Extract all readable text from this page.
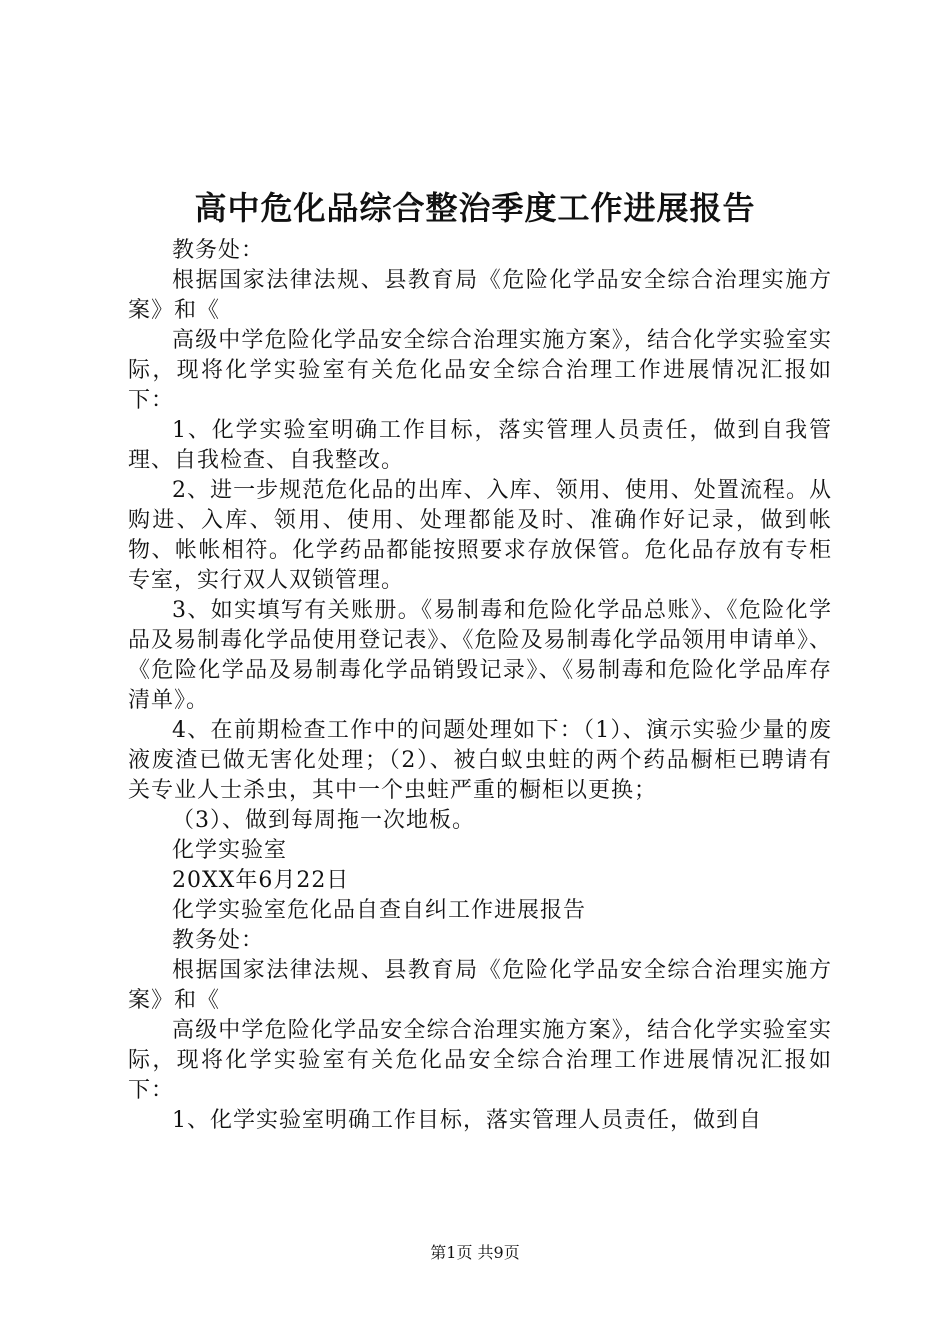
高中危化品综合整治季度工作进展报告

教务处：

根据国家法律法规、县教育局《危险化学品安全综合治理实施方案》和《

高级中学危险化学品安全综合治理实施方案》，结合化学实验室实际，现将化学实验室有关危化品安全综合治理工作进展情况汇报如下：

1、化学实验室明确工作目标，落实管理人员责任，做到自我管理、自我检查、自我整改。

2、进一步规范危化品的出库、入库、领用、使用、处置流程。从购进、入库、领用、使用、处理都能及时、准确作好记录，做到帐物、帐帐相符。化学药品都能按照要求存放保管。危化品存放有专柜专室，实行双人双锁管理。

3、如实填写有关账册。《易制毒和危险化学品总账》、《危险化学品及易制毒化学品使用登记表》、《危险及易制毒化学品领用申请单》、《危险化学品及易制毒化学品销毁记录》、《易制毒和危险化学品库存清单》。

4、在前期检查工作中的问题处理如下：（1）、演示实验少量的废液废渣已做无害化处理；（2）、被白蚁虫蛀的两个药品橱柜已聘请有关专业人士杀虫，其中一个虫蛀严重的橱柜以更换；

（3）、做到每周拖一次地板。

化学实验室

20XX年6月22日

化学实验室危化品自查自纠工作进展报告

教务处：

根据国家法律法规、县教育局《危险化学品安全综合治理实施方案》和《

高级中学危险化学品安全综合治理实施方案》，结合化学实验室实际，现将化学实验室有关危化品安全综合治理工作进展情况汇报如下：

1、化学实验室明确工作目标，落实管理人员责任，做到自

第1页 共9页
